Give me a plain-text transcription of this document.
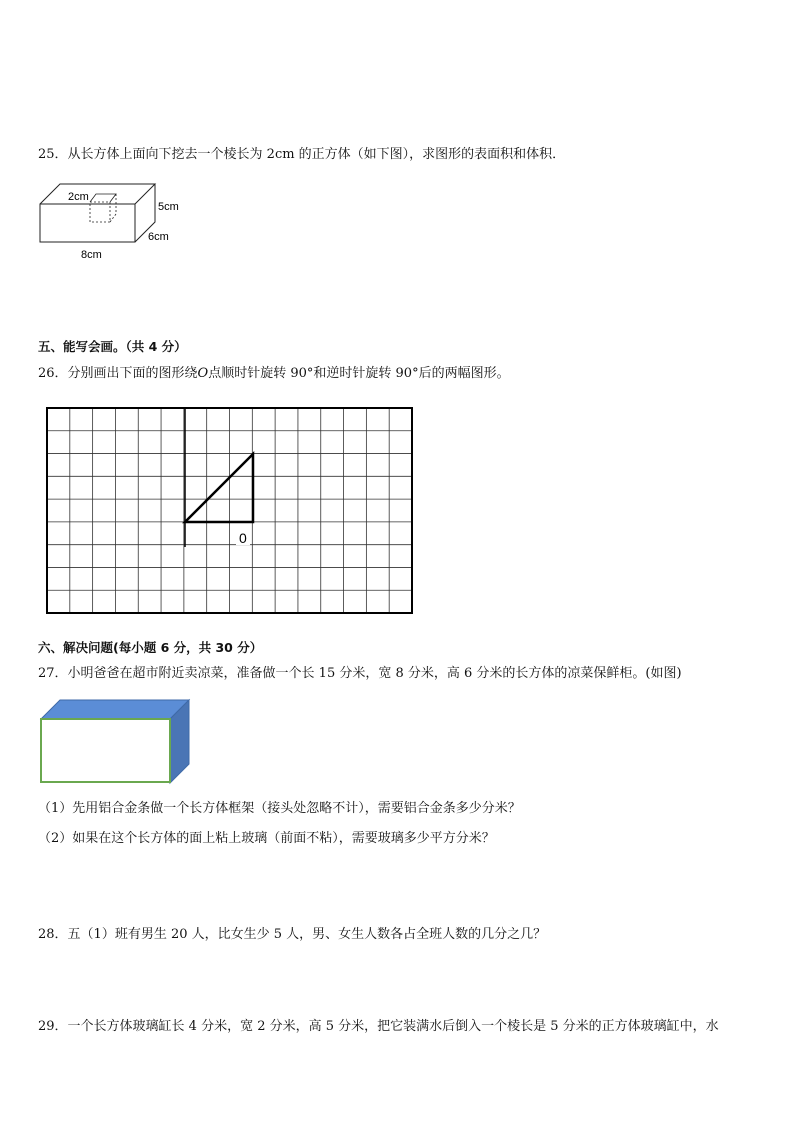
25．从长方体上面向下挖去一个棱长为 2cm 的正方体（如下图），求图形的表面积和体积．
2cm
5cm
6cm
8cm
五、能写会画。（共 4 分）
26．分别画出下面的图形绕O点顺时针旋转 90°和逆时针旋转 90°后的两幅图形。
0
六、解决问题(每小题 6 分，共 30 分）
27．小明爸爸在超市附近卖凉菜，准备做一个长 15 分米，宽 8 分米，高 6 分米的长方体的凉菜保鲜柜。(如图)
（1）先用铝合金条做一个长方体框架（接头处忽略不计），需要铝合金条多少分米？
（2）如果在这个长方体的面上粘上玻璃（前面不粘），需要玻璃多少平方分米？
28．五（1）班有男生 20 人，比女生少 5 人，男、女生人数各占全班人数的几分之几？
29．一个长方体玻璃缸长 4 分米，宽 2 分米，高 5 分米，把它装满水后倒入一个棱长是 5 分米的正方体玻璃缸中，水
